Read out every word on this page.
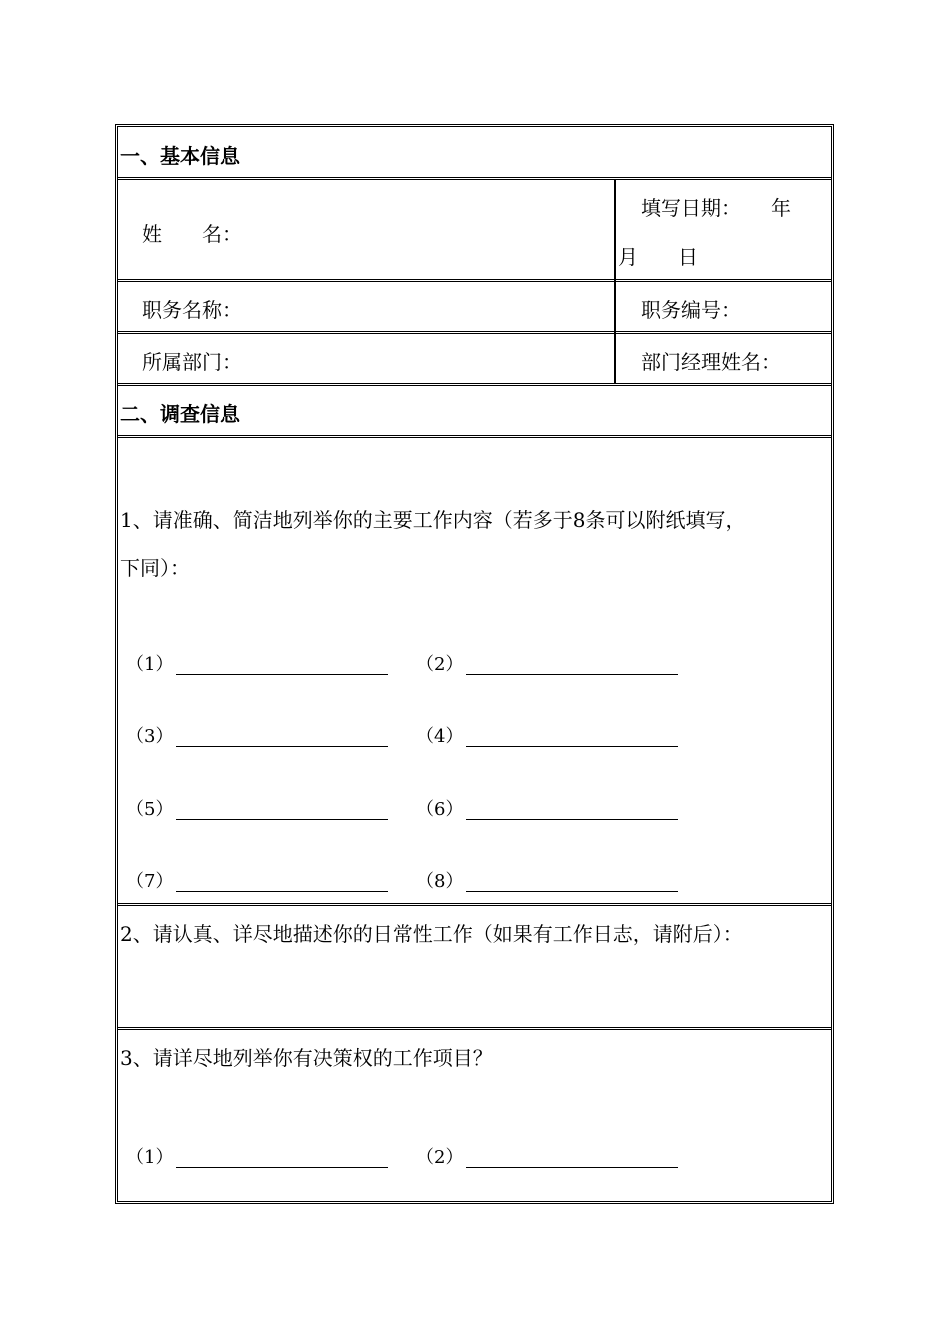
一、基本信息
姓　　名：
填写日期：　　年
月　　日
职务名称：	职务编号：
所属部门：	部门经理姓名：
二、调查信息
1、请准确、简洁地列举你的主要工作内容（若多于8条可以附纸填写，
下同）：
（1）	（2）
（3）	（4）
（5）	（6）
（7）	（8）
2、请认真、详尽地描述你的日常性工作（如果有工作日志，请附后）：
3、请详尽地列举你有决策权的工作项目？
（1）	（2）
